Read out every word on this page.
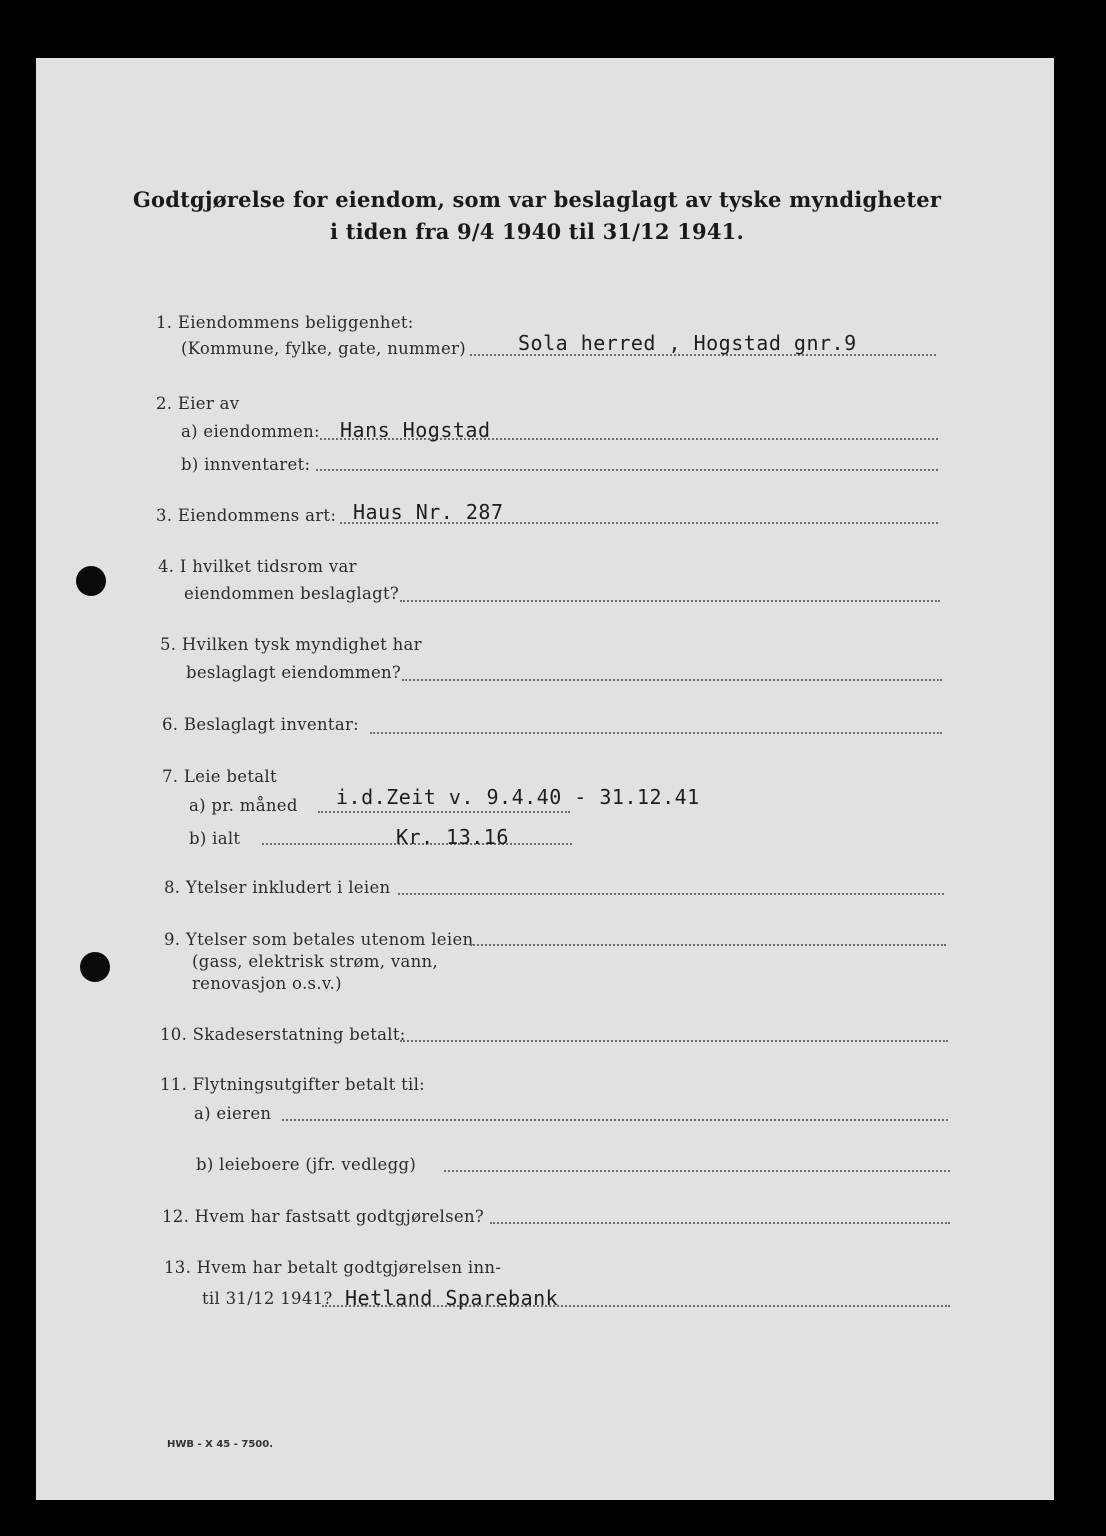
Godtgjørelse for eiendom, som var beslaglagt av tyske myndigheter
i tiden fra 9/4 1940 til 31/12 1941.
1. Eiendommens beliggenhet:
(Kommune, fylke, gate, nummer)	Sola herred , Hogstad gnr.9
2. Eier av
a) eiendommen: Hans Hogstad
b) innventaret:
3. Eiendommens art: Haus Nr. 287
4. I hvilket tidsrom var
eiendommen beslaglagt?
5. Hvilken tysk myndighet har
beslaglagt eiendommen?
6. Beslaglagt inventar:
7. Leie betalt
a) pr. måned i.d.Zeit v. 9.4.40 - 31.12.41
b) ialt	Kr. 13.16
8. Ytelser inkludert i leien
9. Ytelser som betales utenom leien
(gass, elektrisk strøm, vann,
renovasjon o.s.v.)
10. Skadeserstatning betalt:
11. Flytningsutgifter betalt til:
a) eieren
b) leieboere (jfr. vedlegg)
12. Hvem har fastsatt godtgjørelsen?
13. Hvem har betalt godtgjørelsen inn-
til 31/12 1941? Hetland Sparebank
HWB - X 45 - 7500.
